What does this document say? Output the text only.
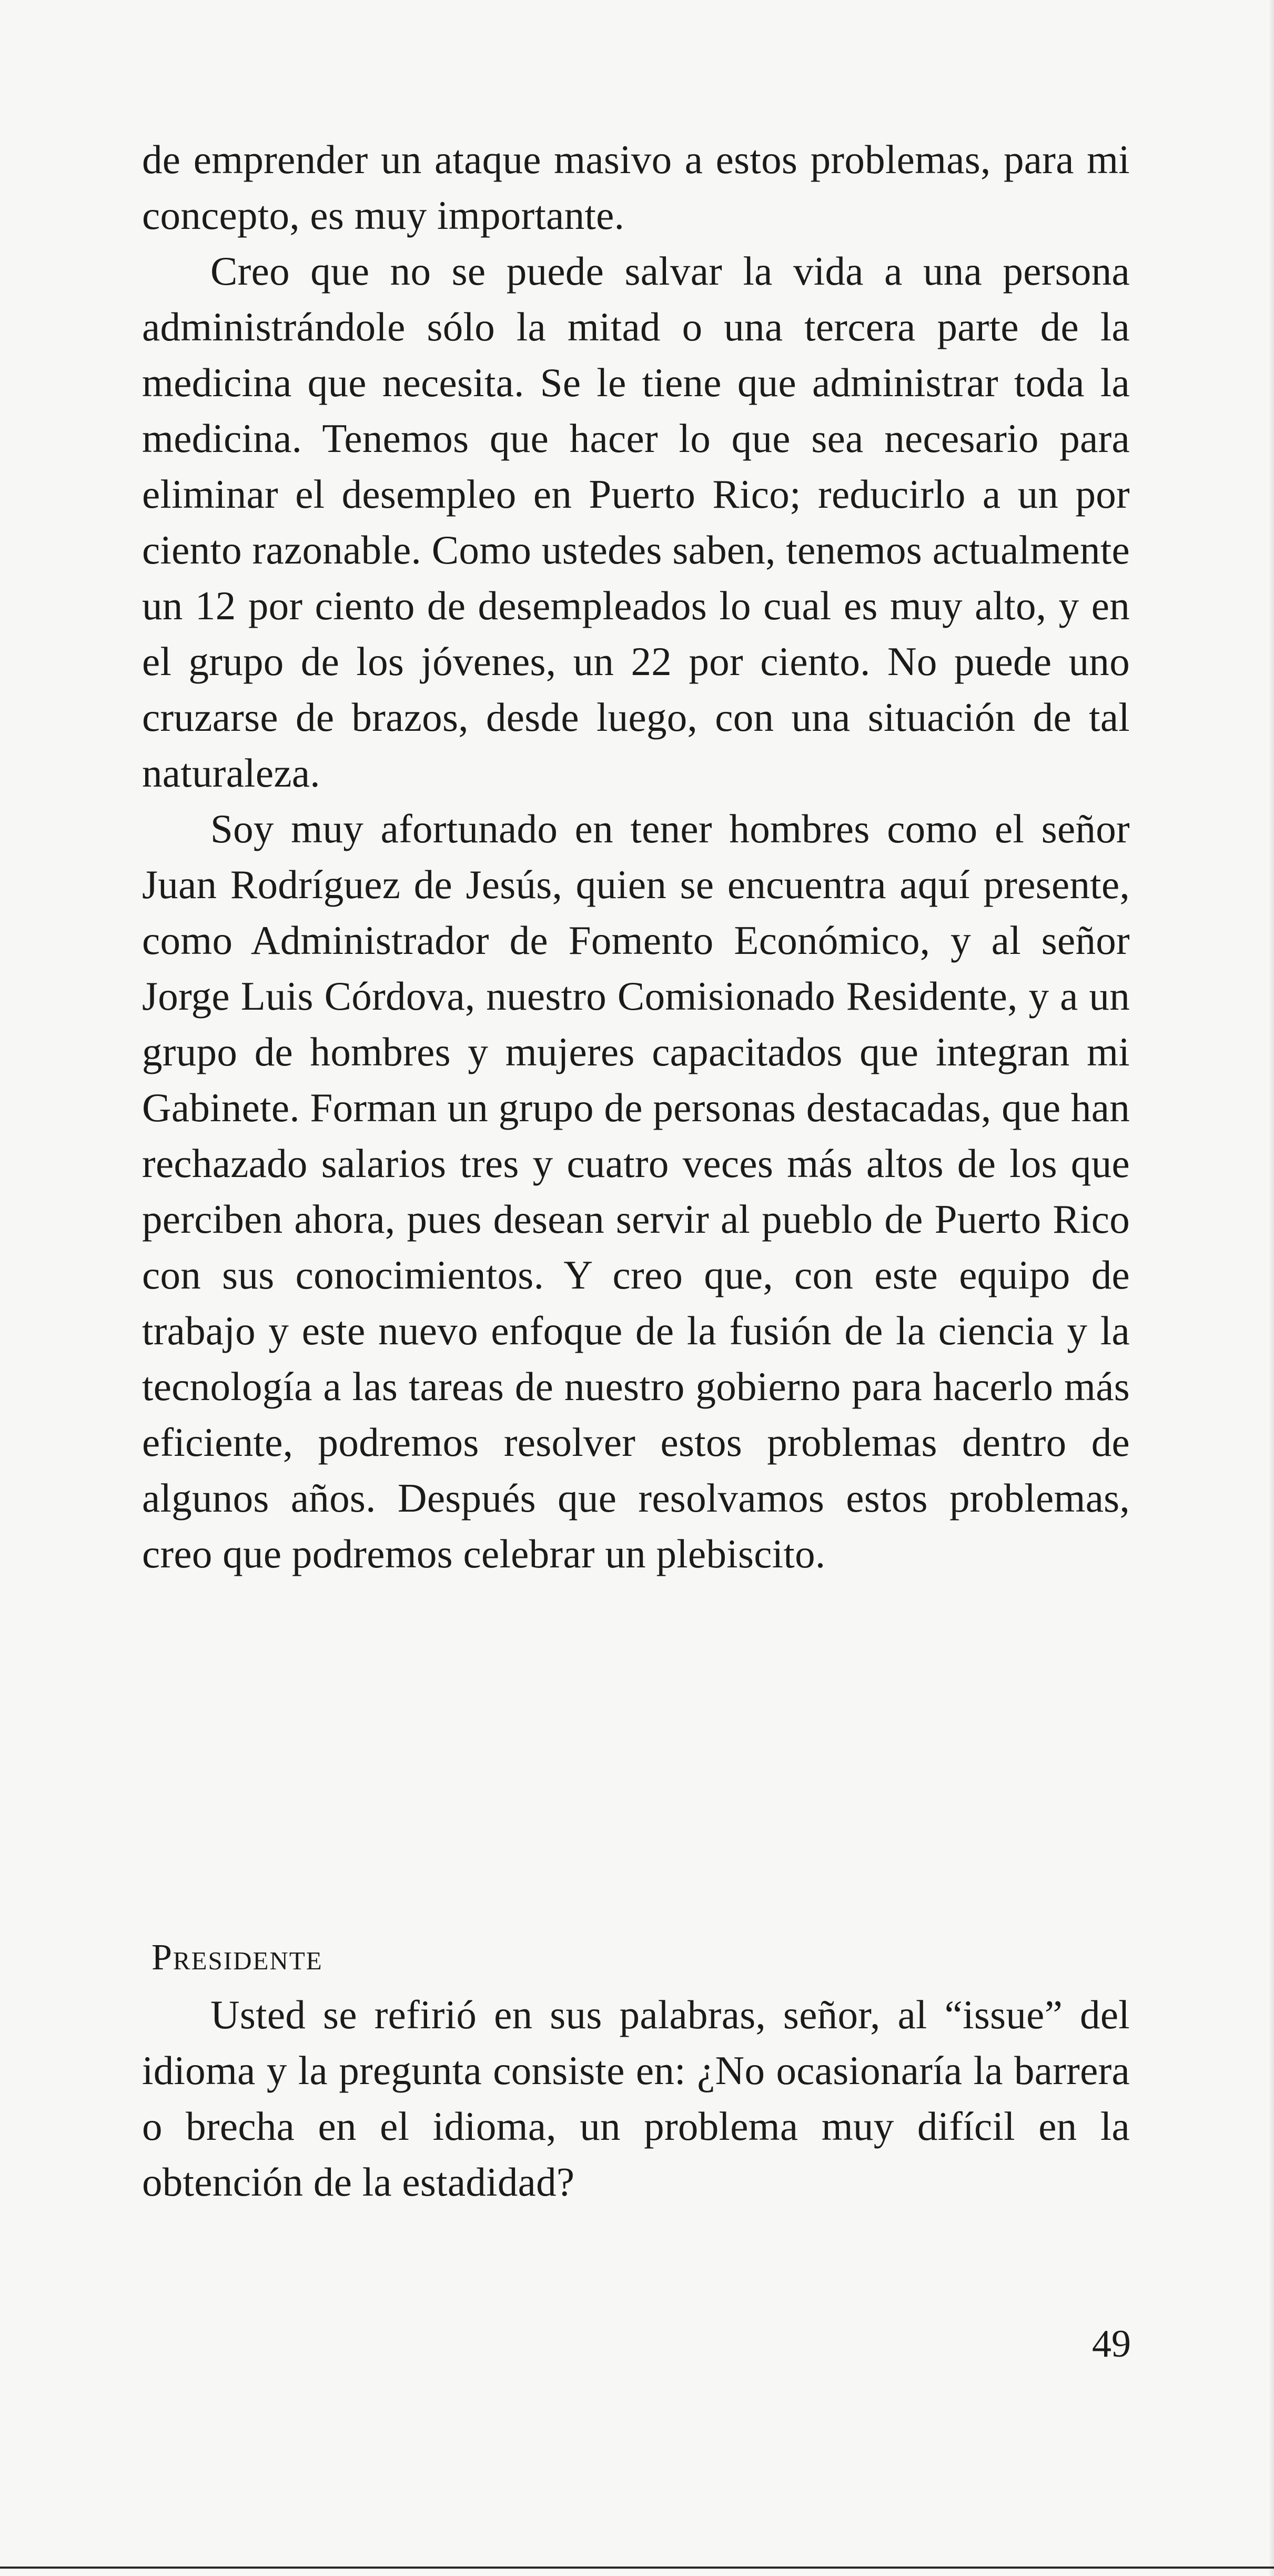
de emprender un ataque masivo a estos problemas, para mi concepto, es muy importante.

Creo que no se puede salvar la vida a una persona administrándole sólo la mitad o una tercera parte de la medicina que necesita. Se le tiene que administrar toda la medicina. Tenemos que hacer lo que sea necesario para eliminar el desempleo en Puerto Rico; reducirlo a un por ciento razonable. Como ustedes saben, tenemos actualmente un 12 por ciento de desempleados lo cual es muy alto, y en el grupo de los jóvenes, un 22 por ciento. No puede uno cruzarse de brazos, desde luego, con una situación de tal naturaleza.

Soy muy afortunado en tener hombres como el señor Juan Rodríguez de Jesús, quien se encuentra aquí presente, como Administrador de Fomento Económico, y al señor Jorge Luis Córdova, nuestro Comisionado Residente, y a un grupo de hombres y mujeres capacitados que integran mi Gabinete. Forman un grupo de personas destacadas, que han rechazado salarios tres y cuatro veces más altos de los que perciben ahora, pues desean servir al pueblo de Puerto Rico con sus conocimientos. Y creo que, con este equipo de trabajo y este nuevo enfoque de la fusión de la ciencia y la tecnología a las tareas de nuestro gobierno para hacerlo más eficiente, podremos resolver estos problemas dentro de algunos años. Después que resolvamos estos problemas, creo que podremos celebrar un plebiscito.

Presidente

Usted se refirió en sus palabras, señor, al “issue” del idioma y la pregunta consiste en: ¿No ocasionaría la barrera o brecha en el idioma, un problema muy difícil en la obtención de la estadidad?

49
